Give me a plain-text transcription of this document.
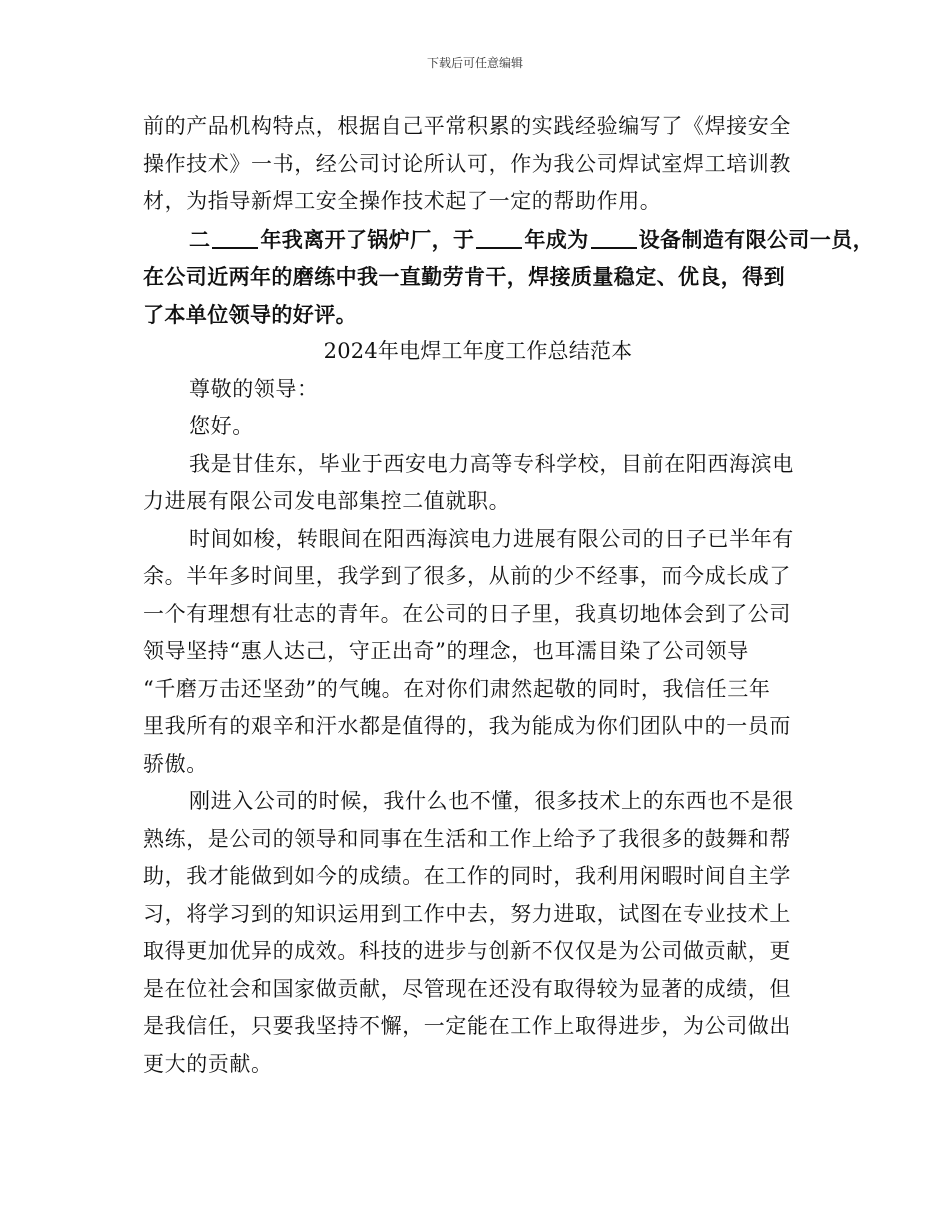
下载后可任意编辑
前的产品机构特点，根据自己平常积累的实践经验编写了《焊接安全
操作技术》一书，经公司讨论所认可，作为我公司焊试室焊工培训教
材，为指导新焊工安全操作技术起了一定的帮助作用。
二 年我离开了锅炉厂，于 年成为 设备制造有限公司一员，
在公司近两年的磨练中我一直勤劳肯干，焊接质量稳定、优良，得到
了本单位领导的好评。
2024年电焊工年度工作总结范本
尊敬的领导：
您好。
我是甘佳东，毕业于西安电力高等专科学校，目前在阳西海滨电
力进展有限公司发电部集控二值就职。
时间如梭，转眼间在阳西海滨电力进展有限公司的日子已半年有
余。半年多时间里，我学到了很多，从前的少不经事，而今成长成了
一个有理想有壮志的青年。在公司的日子里，我真切地体会到了公司
领导坚持“惠人达己，守正出奇”的理念，也耳濡目染了公司领导
“千磨万击还坚劲”的气魄。在对你们肃然起敬的同时，我信任三年
里我所有的艰辛和汗水都是值得的，我为能成为你们团队中的一员而
骄傲。
刚进入公司的时候，我什么也不懂，很多技术上的东西也不是很
熟练，是公司的领导和同事在生活和工作上给予了我很多的鼓舞和帮
助，我才能做到如今的成绩。在工作的同时，我利用闲暇时间自主学
习，将学习到的知识运用到工作中去，努力进取，试图在专业技术上
取得更加优异的成效。科技的进步与创新不仅仅是为公司做贡献，更
是在位社会和国家做贡献，尽管现在还没有取得较为显著的成绩，但
是我信任，只要我坚持不懈，一定能在工作上取得进步，为公司做出
更大的贡献。
